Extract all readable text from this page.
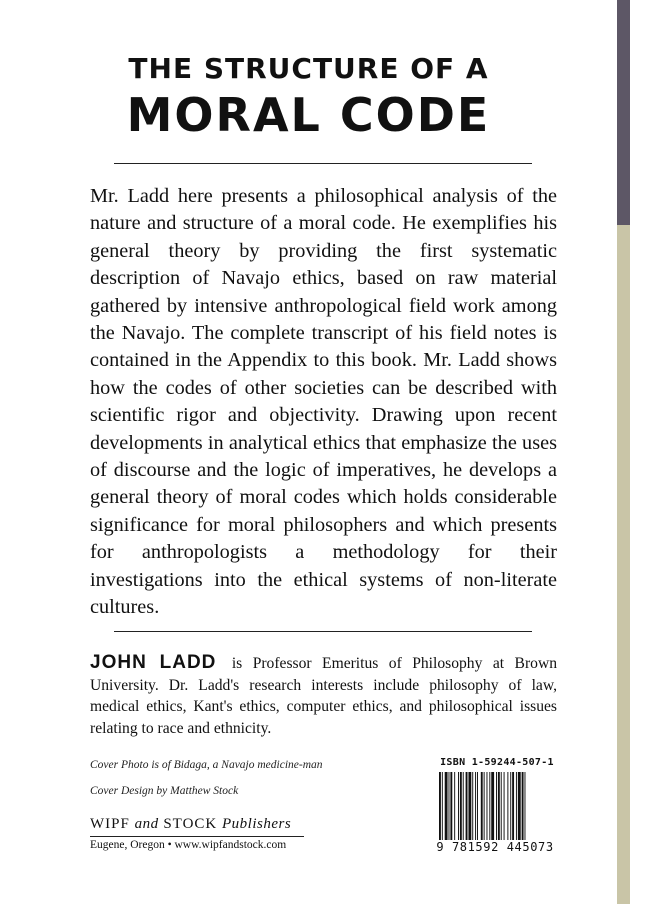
THE STRUCTURE OF A
MORAL CODE
Mr. Ladd here presents a philosophical analysis of the nature and structure of a moral code. He exemplifies his general theory by providing the first systematic description of Navajo ethics, based on raw material gathered by intensive anthropological field work among the Navajo. The complete transcript of his field notes is contained in the Appendix to this book. Mr. Ladd shows how the codes of other societies can be described with scientific rigor and objectivity. Drawing upon recent developments in analytical ethics that emphasize the uses of discourse and the logic of imperatives, he develops a general theory of moral codes which holds considerable significance for moral philosophers and which presents for anthropologists a methodology for their investigations into the ethical systems of non-literate cultures.
JOHN LADD is Professor Emeritus of Philosophy at Brown University. Dr. Ladd's research interests include philosophy of law, medical ethics, Kant's ethics, computer ethics, and philosophical issues relating to race and ethnicity.
Cover Photo is of Bidaga, a Navajo medicine-man
Cover Design by Matthew Stock
WIPF and STOCK Publishers
Eugene, Oregon • www.wipfandstock.com
ISBN 1-59244-507-1
9 781592 445073
